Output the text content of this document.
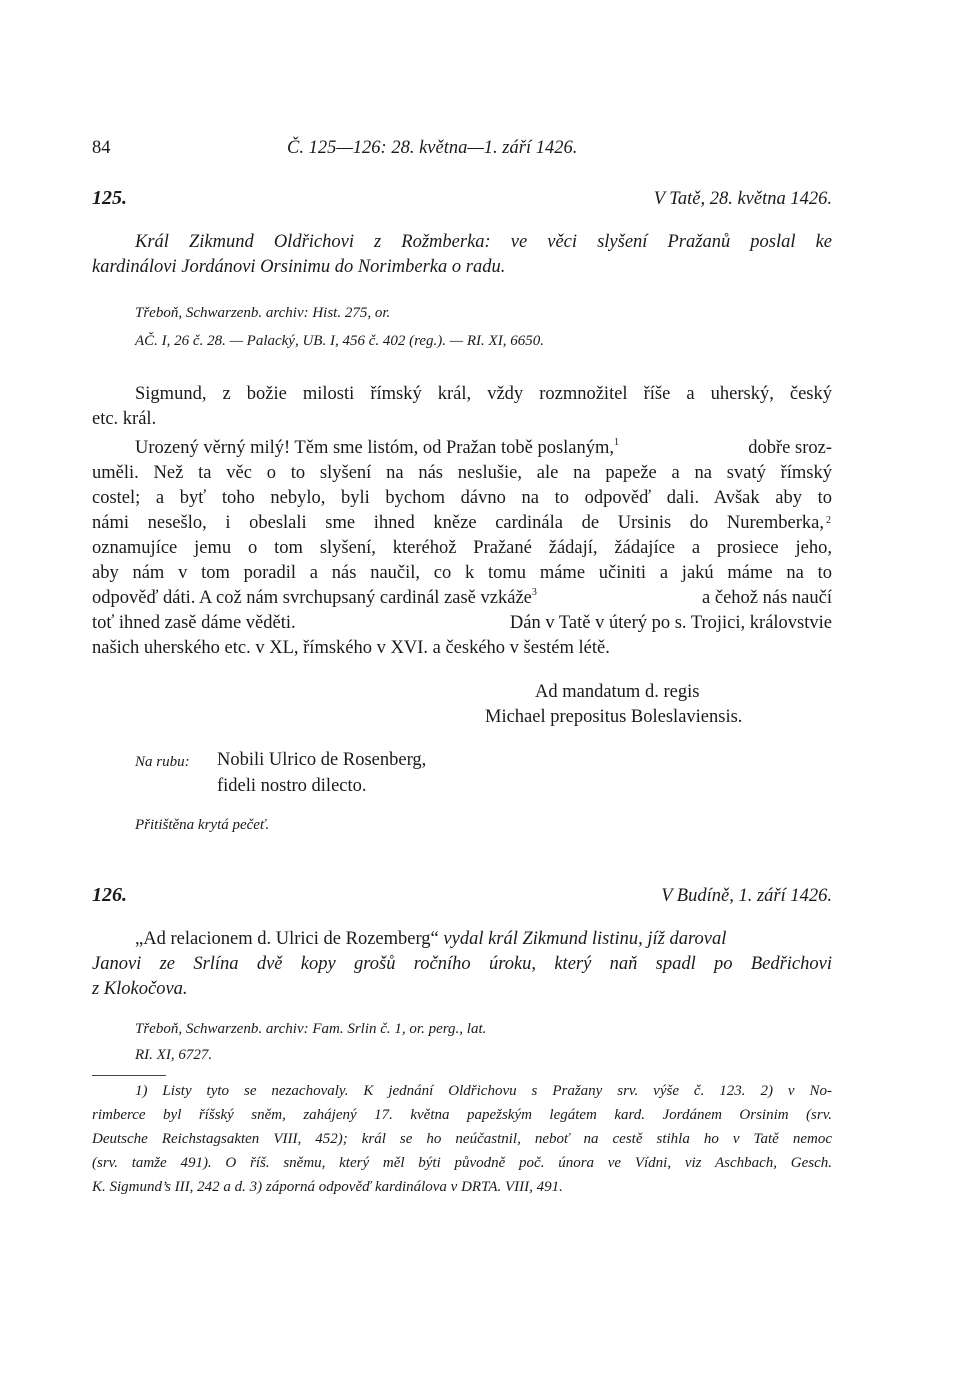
84	Č. 125—126: 28. května—1. září 1426.
125.	V Tatě, 28. května 1426.
Král Zikmund Oldřichovi z Rožmberka: ve věci slyšení Pražanů poslal ke
kardinálovi Jordánovi Orsinimu do Norimberka o radu.
Třeboň, Schwarzenb. archiv: Hist. 275, or.
AČ. I, 26 č. 28. — Palacký, UB. I, 456 č. 402 (reg.). — RI. XI, 6650.
Sigmund, z božie milosti římský král, vždy rozmnožitel říše a uherský, český
etc. král.
Urozený věrný milý! Těm sme listóm, od Pražan tobě poslaným,$^1$	dobře sroz-
uměli. Než ta věc o to slyšení na nás neslušie, ale na papeže a na svatý římský
costel; a byť toho nebylo, byli bychom dávno na to odpověď dali. Avšak aby to
námi nesešlo, i obeslali sme ihned kněze cardinála de Ursinis do Nuremberka, 2
oznamujíce jemu o tom slyšení, kteréhož Pražané žádají, žádajíce a prosiece jeho,
aby nám v tom poradil a nás naučil, co k tomu máme učiniti a jakú máme na to
odpověď dáti. A což nám svrchupsaný cardinál zasě vzkáže$^3$	a čehož nás naučí
toť ihned zasě dáme věděti.	Dán v Tatě v úterý po s. Trojici, královstvie
našich uherského etc. v XL, římského v XVI. a českého v šestém létě.
Ad mandatum d. regis
Michael prepositus Boleslaviensis.
Na rubu: Nobili Ulrico de Rosenberg,
fideli nostro dilecto.
Přitištěna krytá pečeť.
126.	V Budíně, 1. září 1426.
„Ad relacionem d. Ulrici de Rozemberg“ vydal král Zikmund listinu, jíž daroval
Janovi ze Srlína dvě kopy grošů ročního úroku, který naň spadl po Bedřichovi
z Klokočova.
Třeboň, Schwarzenb. archiv: Fam. Srlin č. 1, or. perg., lat.
RI. XI, 6727.
1) Listy tyto se nezachovaly. K jednání Oldřichovu s Pražany srv. výše č. 123. 2) v No-
rimberce byl říšský sněm, zahájený 17. května papežským legátem kard. Jordánem Orsinim (srv.
Deutsche Reichstagsakten VIII, 452); král se ho neúčastnil, neboť na cestě stihla ho v Tatě nemoc
(srv. tamže 491). O říš. sněmu, který měl býti původně poč. února ve Vídni, viz Aschbach, Gesch.
K. Sigmund’s III, 242 a d. 3) záporná odpověď kardinálova v DRTA. VIII, 491.
